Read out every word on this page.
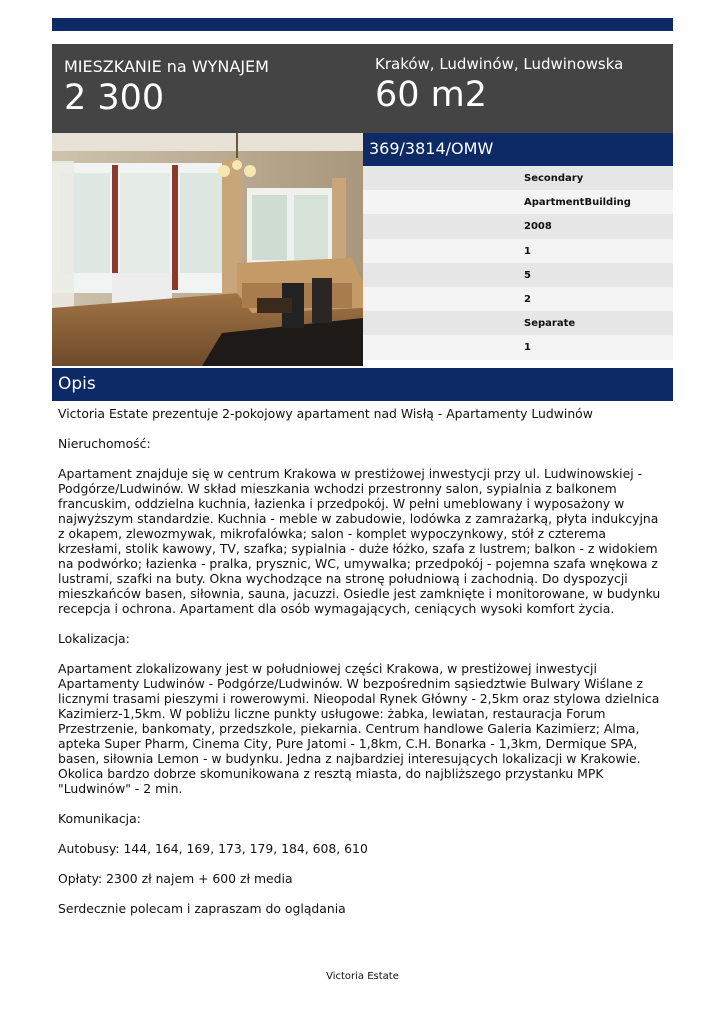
MIESZKANIE na WYNAJEM
2 300
Kraków, Ludwinów, Ludwinowska
60 m2
369/3814/OMW
Secondary
ApartmentBuilding
2008
1
5
2
Separate
1
Opis

Victoria Estate prezentuje 2-pokojowy apartament nad Wisłą - Apartamenty Ludwinów

Nieruchomość:

Apartament znajduje się w centrum Krakowa w prestiżowej inwestycji przy ul. Ludwinowskiej - Podgórze/Ludwinów. W skład mieszkania wchodzi przestronny salon, sypialnia z balkonem francuskim, oddzielna kuchnia, łazienka i przedpokój. W pełni umeblowany i wyposażony w najwyższym standardzie. Kuchnia - meble w zabudowie, lodówka z zamrażarką, płyta indukcyjna z okapem, zlewozmywak, mikrofalówka; salon - komplet wypoczynkowy, stół z czterema krzesłami, stolik kawowy, TV, szafka; sypialnia - duże łóżko, szafa z lustrem; balkon - z widokiem na podwórko; łazienka - pralka, prysznic, WC, umywalka; przedpokój - pojemna szafa wnękowa z lustrami, szafki na buty. Okna wychodzące na stronę południową i zachodnią. Do dyspozycji mieszkańców basen, siłownia, sauna, jacuzzi. Osiedle jest zamknięte i monitorowane, w budynku recepcja i ochrona. Apartament dla osób wymagających, ceniących wysoki komfort życia.

Lokalizacja:

Apartament zlokalizowany jest w południowej części Krakowa, w prestiżowej inwestycji Apartamenty Ludwinów - Podgórze/Ludwinów. W bezpośrednim sąsiedztwie Bulwary Wiślane z licznymi trasami pieszymi i rowerowymi. Nieopodal Rynek Główny - 2,5km oraz stylowa dzielnica Kazimierz-1,5km. W pobliżu liczne punkty usługowe: żabka, lewiatan, restauracja Forum Przestrzenie, bankomaty, przedszkole, piekarnia. Centrum handlowe Galeria Kazimierz; Alma, apteka Super Pharm, Cinema City, Pure Jatomi - 1,8km, C.H. Bonarka - 1,3km, Dermique SPA, basen, siłownia Lemon - w budynku. Jedna z najbardziej interesujących lokalizacji w Krakowie. Okolica bardzo dobrze skomunikowana z resztą miasta, do najbliższego przystanku MPK "Ludwinów" - 2 min.

Komunikacja:

Autobusy: 144, 164, 169, 173, 179, 184, 608, 610

Opłaty: 2300 zł najem + 600 zł media

Serdecznie polecam i zapraszam do oglądania

Victoria Estate
